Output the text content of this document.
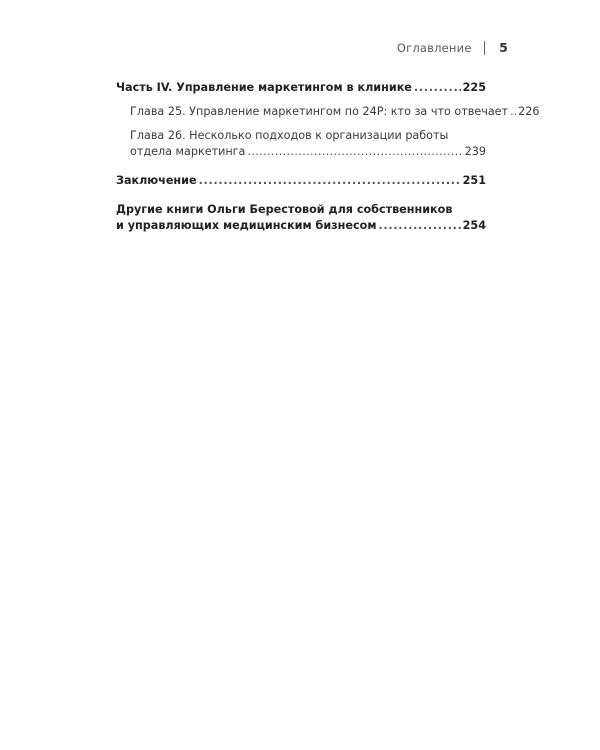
Оглавление 5
Часть IV. Управление маркетингом в клинике . . .	225
Глава 25. Управление маркетингом по 24P: кто за что отвечает . . . 226
Глава 26. Несколько подходов к организации работы
отдела маркетинга . . .	239
Заключение . . .	251
Другие книги Ольги Берестовой для собственников
и управляющих медицинским бизнесом . . .	254
